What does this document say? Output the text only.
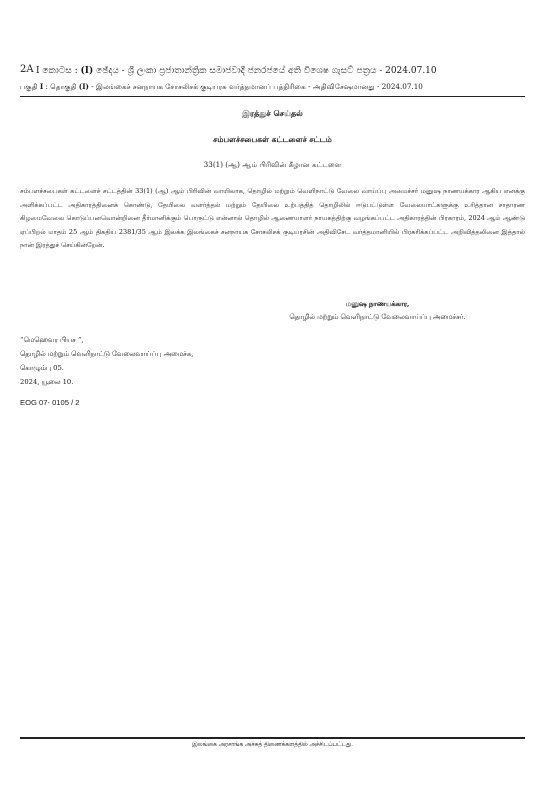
2A I කොටස : (I) ඡේදය - ශ්‍රී ලංකා ප්‍රජාතාන්ත්‍රික සමාජවාදී ජනරජයේ අති විශෙෂ ගැසට් පත්‍රය - 2024.07.10
பகுதி I : தொகுதி (I) - இலங்கைச் சனநாயக சோசலிசக் குடியரசு வர்த்தமானப் பத்திரிகை - அதிவிசேஷமானது - 2024.07.10
இரத்துச் செய்தல்
சம்பளச்சபைகள் கட்டளைச் சட்டம்
33(1) (ஆ) ஆம் பிரிவின் கீழான கட்டளை
சம்பளச்சபைகள் கட்டளைச் சட்டத்தின் 33(1) (ஆ) ஆம் பிரிவின் வாயிலாக, தொழில் மற்றும் வெளிநாட்டு வேலை வாய்ப்பு அமைச்சர் மனுஷ நாணயக்கார ஆகிய எனக்கு அளிக்கப்பட்ட அதிகாரத்தினைக் கொண்டு, தேயிலை வளர்த்தல் மற்றும் தேயிலை உற்பத்தித் தொழிலில் ஈடுபட்டுள்ள வேலையாட்களுக்கு உரித்தான சாதாரண கிழமைவேலை கொடுப்பனவொன்றினை தீர்மானிக்கும் பொருட்டு என்னால் தொழில் ஆணையாளர் நாயகத்திற்கு வழங்கப்பட்ட அதிகாரத்தின் பிரகாரம், 2024 ஆம் ஆண்டு ஏப்பிறல் மாதம் 25 ஆம் திகதிய 2381/35 ஆம் இலக்க இலங்கைச் சனநாயக சோசலிசக் குடியரசின் அதிவிசேட வர்த்தமானியில் பிரசுரிக்கப்பட்ட அறிவித்தலினை இத்தால் நான் இரத்துச் செய்கின்றேன்.
மனுஷ நாணயக்கார,
தொழில் மற்றும் வெளிநாட்டு வேலைவாய்ப்பு அமைச்சர்.
“மெஹெவர பியச ”,
தொழில் மற்றும் வெளிநாட்டு வேலைவாய்ப்பு அமைச்சு,
கொழும்பு 05.
2024, யூலை 10.
EOG 07- 0105 / 2
இலங்கை அரசாங்க அச்சுத் திணைக்களத்தில் அச்சிடப்பட்டது.
